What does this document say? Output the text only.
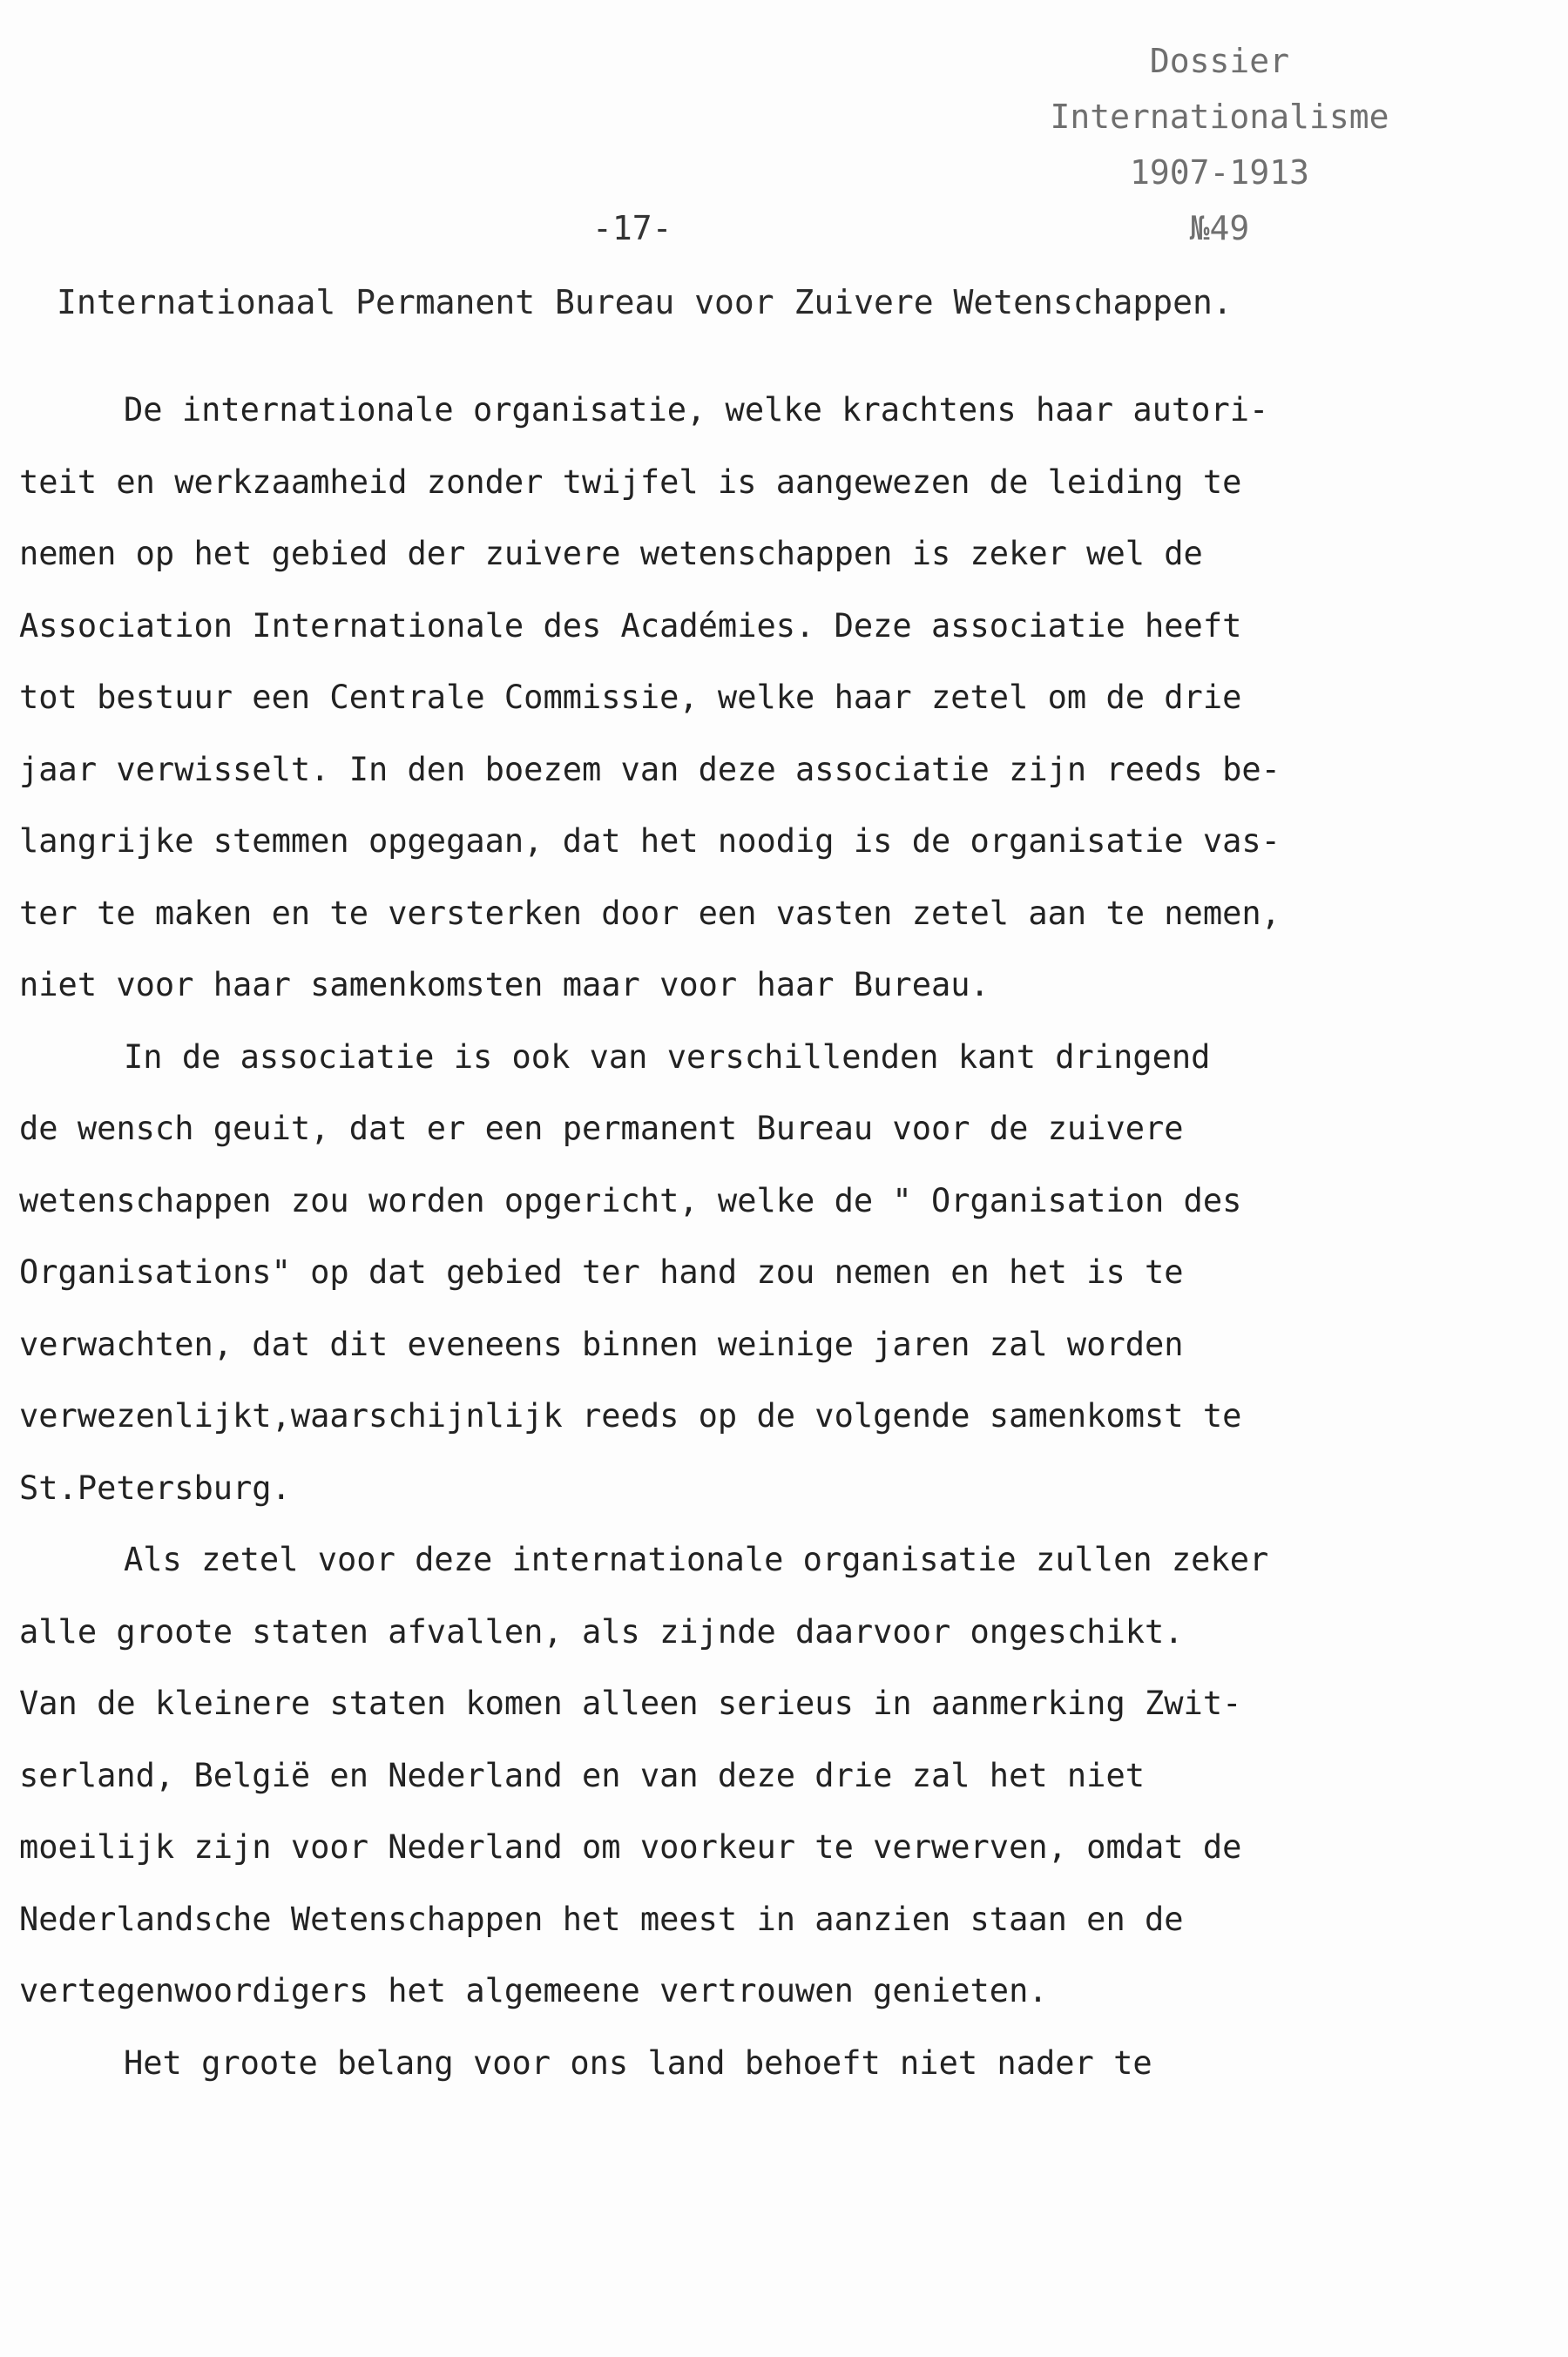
Dossier
Internationalisme
1907-1913
№49
-17-
Internationaal Permanent Bureau voor Zuivere Wetenschappen.
De internationale organisatie, welke krachtens haar autori-
teit en werkzaamheid zonder twijfel is aangewezen de leiding te
nemen op het gebied der zuivere wetenschappen is zeker wel de
Association Internationale des Académies. Deze associatie heeft
tot bestuur een Centrale Commissie, welke haar zetel om de drie
jaar verwisselt. In den boezem van deze associatie zijn reeds be-
langrijke stemmen opgegaan, dat het noodig is de organisatie vas-
ter te maken en te versterken door een vasten zetel aan te nemen,
niet voor haar samenkomsten maar voor haar Bureau.
In de associatie is ook van verschillenden kant dringend
de wensch geuit, dat er een permanent Bureau voor de zuivere
wetenschappen zou worden opgericht, welke de " Organisation des
Organisations" op dat gebied ter hand zou nemen en het is te
verwachten, dat dit eveneens binnen weinige jaren zal worden
verwezenlijkt,waarschijnlijk reeds op de volgende samenkomst te
St.Petersburg.
Als zetel voor deze internationale organisatie zullen zeker
alle groote staten afvallen, als zijnde daarvoor ongeschikt.
Van de kleinere staten komen alleen serieus in aanmerking Zwit-
serland, België en Nederland en van deze drie zal het niet
moeilijk zijn voor Nederland om voorkeur te verwerven, omdat de
Nederlandsche Wetenschappen het meest in aanzien staan en de
vertegenwoordigers het algemeene vertrouwen genieten.
Het groote belang voor ons land behoeft niet nader te
